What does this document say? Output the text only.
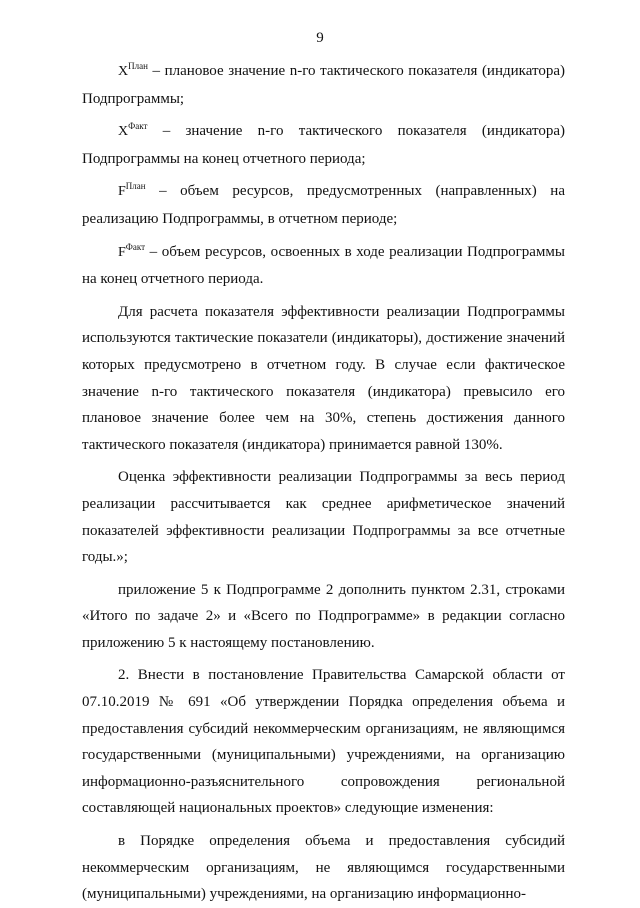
9

$X^{План}$ – плановое значение n-го тактического показателя (индикатора) Подпрограммы;

$X^{Факт}$ – значение n-го тактического показателя (индикатора) Подпрограммы на конец отчетного периода;

$F^{План}$ – объем ресурсов, предусмотренных (направленных) на реализацию Подпрограммы, в отчетном периоде;

$F^{Факт}$ – объем ресурсов, освоенных в ходе реализации Подпрограммы на конец отчетного периода.

Для расчета показателя эффективности реализации Подпрограммы используются тактические показатели (индикаторы), достижение значений которых предусмотрено в отчетном году. В случае если фактическое значение n-го тактического показателя (индикатора) превысило его плановое значение более чем на 30%, степень достижения данного тактического показателя (индикатора) принимается равной 130%.

Оценка эффективности реализации Подпрограммы за весь период реализации рассчитывается как среднее арифметическое значений показателей эффективности реализации Подпрограммы за все отчетные годы.»;

приложение 5 к Подпрограмме 2 дополнить пунктом 2.31, строками «Итого по задаче 2» и «Всего по Подпрограмме» в редакции согласно приложению 5 к настоящему постановлению.

2. Внести в постановление Правительства Самарской области от 07.10.2019 № 691 «Об утверждении Порядка определения объема и предоставления субсидий некоммерческим организациям, не являющимся государственными (муниципальными) учреждениями, на организацию информационно-разъяснительного сопровождения региональной составляющей национальных проектов» следующие изменения:

в Порядке определения объема и предоставления субсидий некоммерческим организациям, не являющимся государственными (муниципальными) учреждениями, на организацию информационно-
